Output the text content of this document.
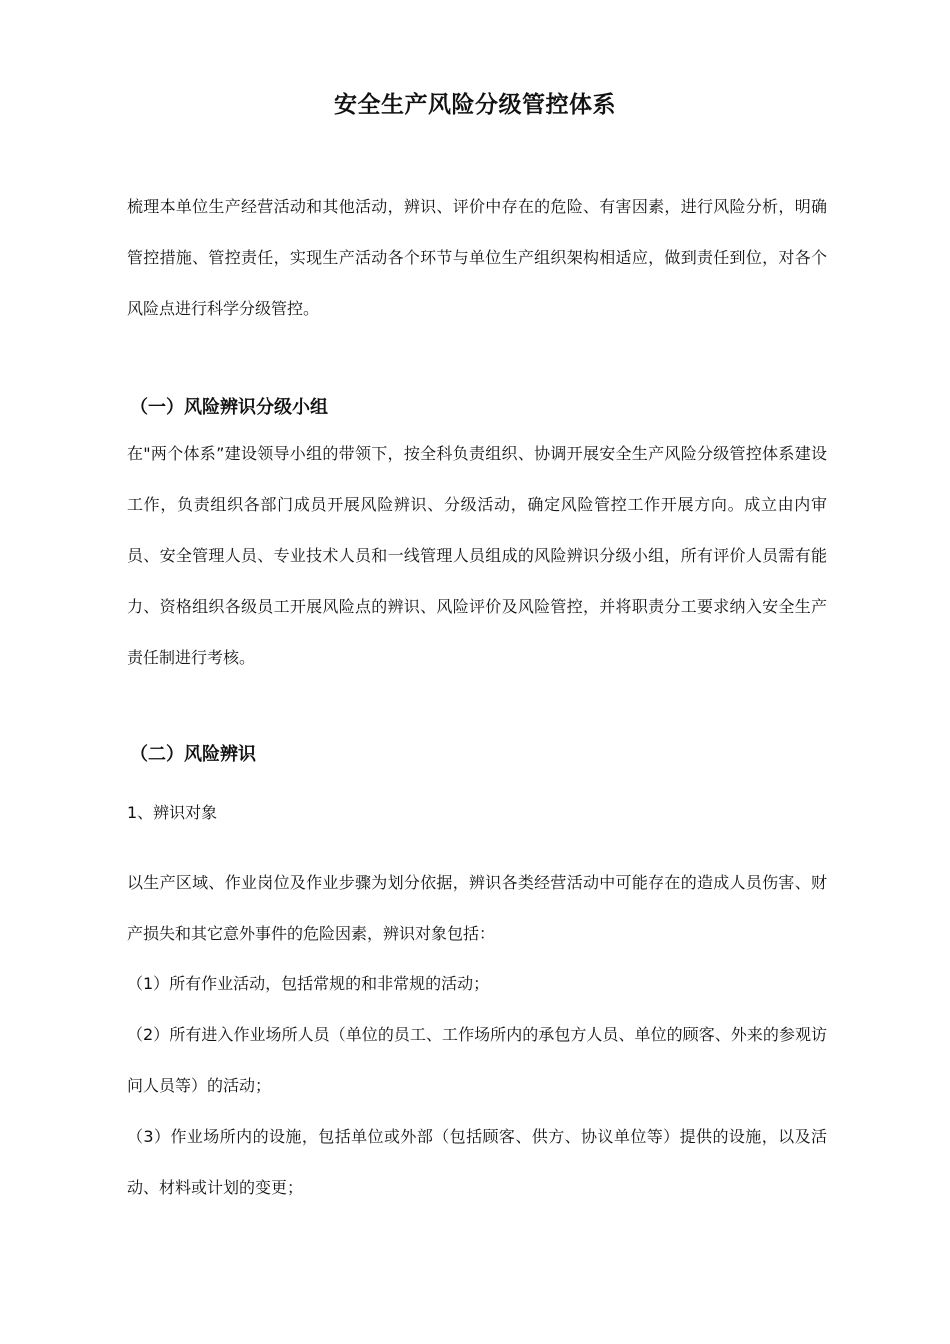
安全生产风险分级管控体系
梳理本单位生产经营活动和其他活动，辨识、评价中存在的危险、有害因素，进行风险分析，明确管控措施、管控责任，实现生产活动各个环节与单位生产组织架构相适应，做到责任到位，对各个风险点进行科学分级管控。
（一）风险辨识分级小组
在"两个体系”建设领导小组的带领下，按全科负责组织、协调开展安全生产风险分级管控体系建设工作，负责组织各部门成员开展风险辨识、分级活动，确定风险管控工作开展方向。成立由内审员、安全管理人员、专业技术人员和一线管理人员组成的风险辨识分级小组，所有评价人员需有能力、资格组织各级员工开展风险点的辨识、风险评价及风险管控，并将职责分工要求纳入安全生产责任制进行考核。
（二）风险辨识
1、辨识对象
以生产区域、作业岗位及作业步骤为划分依据，辨识各类经营活动中可能存在的造成人员伤害、财产损失和其它意外事件的危险因素，辨识对象包括：
（1）所有作业活动，包括常规的和非常规的活动；
（2）所有进入作业场所人员（单位的员工、工作场所内的承包方人员、单位的顾客、外来的参观访问人员等）的活动；
（3）作业场所内的设施，包括单位或外部（包括顾客、供方、协议单位等）提供的设施，以及活动、材料或计划的变更；
